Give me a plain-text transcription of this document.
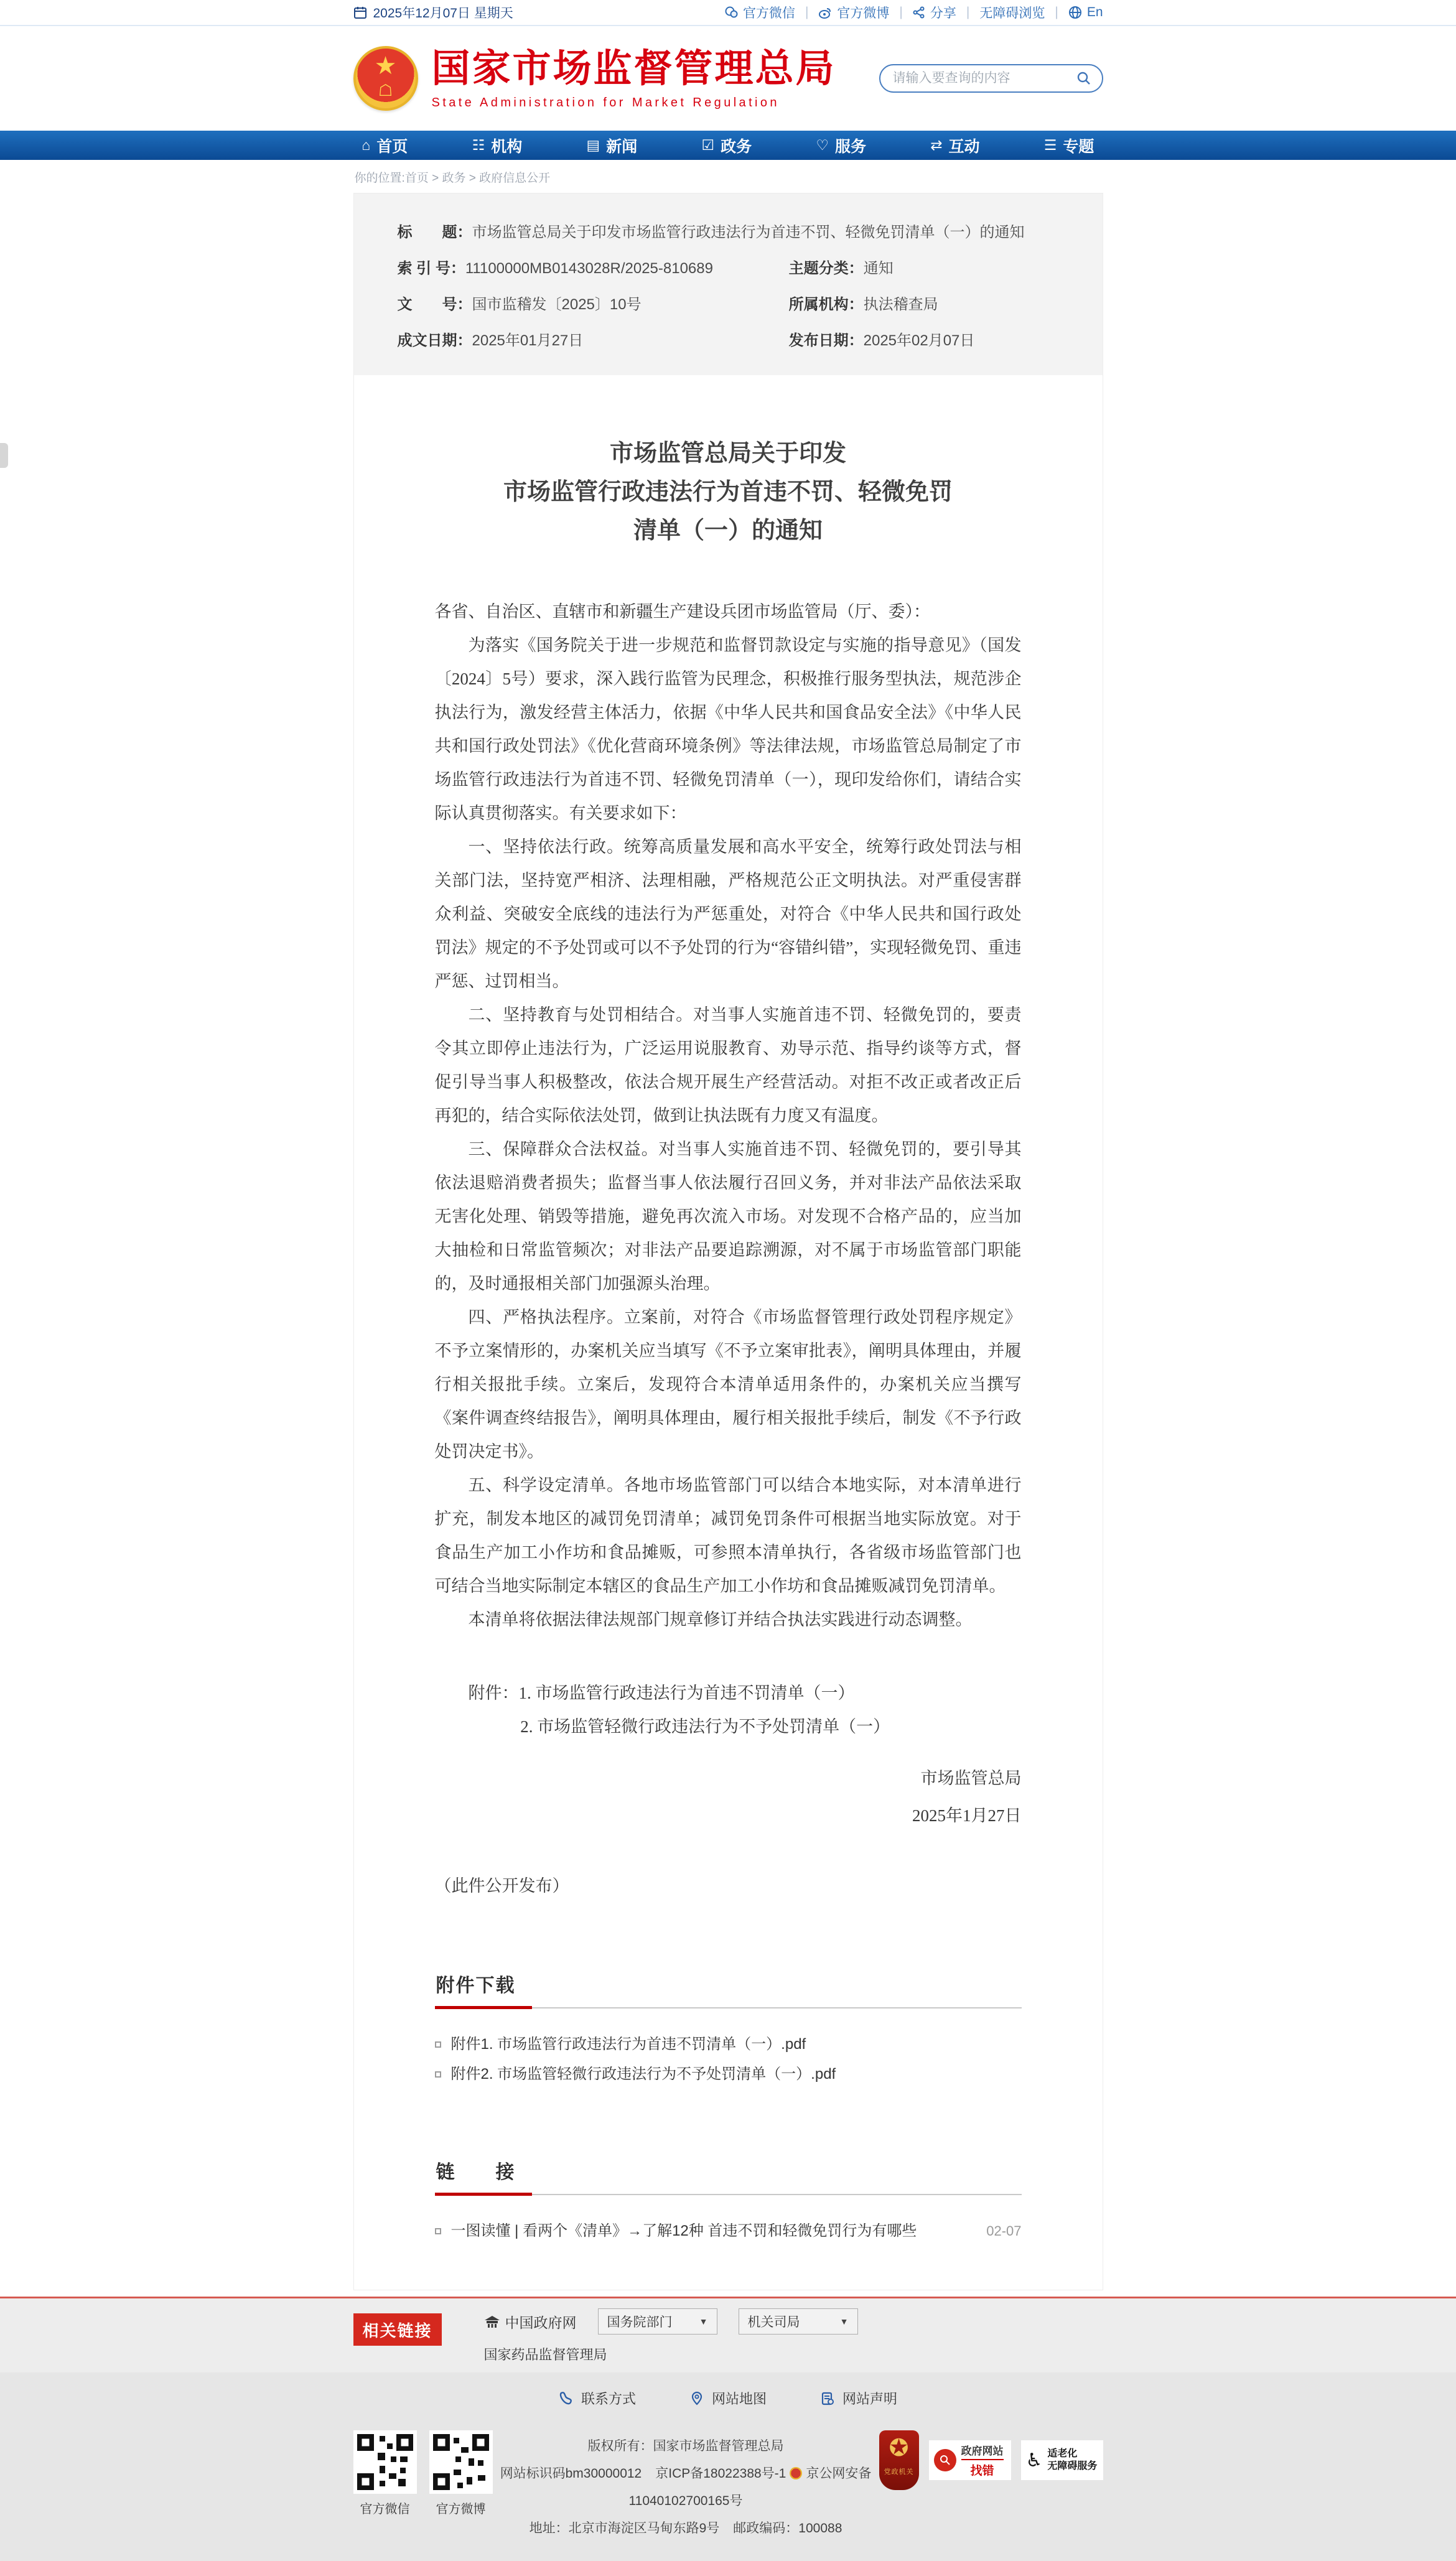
2025年12月07日 星期天	官方微信 | 官方微博 | 分享 | 无障碍浏览 | En
★
☖
国家市场监督管理总局
State Administration for Market Regulation
请输入要查询的内容
⌂ 首页	☷ 机构	▤ 新闻	☑ 政务	♡ 服务	⇄ 互动	☰ 专题
你的位置:首页 > 政务 > 政府信息公开
标　　题： 市场监管总局关于印发市场监管行政违法行为首违不罚、轻微免罚清单（一）的通知
索 引 号： 11100000MB0143028R/2025-810689	主题分类： 通知
文　　号： 国市监稽发〔2025〕10号	所属机构： 执法稽查局
成文日期： 2025年01月27日	发布日期： 2025年02月07日
市场监管总局关于印发
市场监管行政违法行为首违不罚、轻微免罚
清单（一）的通知

各省、自治区、直辖市和新疆生产建设兵团市场监管局（厅、委）：

为落实《国务院关于进一步规范和监督罚款设定与实施的指导意见》（国发〔2024〕5号）要求，深入践行监管为民理念，积极推行服务型执法，规范涉企执法行为，激发经营主体活力，依据《中华人民共和国食品安全法》《中华人民共和国行政处罚法》《优化营商环境条例》等法律法规，市场监管总局制定了市场监管行政违法行为首违不罚、轻微免罚清单（一），现印发给你们，请结合实际认真贯彻落实。有关要求如下：

一、坚持依法行政。统筹高质量发展和高水平安全，统筹行政处罚法与相关部门法，坚持宽严相济、法理相融，严格规范公正文明执法。对严重侵害群众利益、突破安全底线的违法行为严惩重处，对符合《中华人民共和国行政处罚法》规定的不予处罚或可以不予处罚的行为“容错纠错”，实现轻微免罚、重违严惩、过罚相当。

二、坚持教育与处罚相结合。对当事人实施首违不罚、轻微免罚的，要责令其立即停止违法行为，广泛运用说服教育、劝导示范、指导约谈等方式，督促引导当事人积极整改，依法合规开展生产经营活动。对拒不改正或者改正后再犯的，结合实际依法处罚，做到让执法既有力度又有温度。

三、保障群众合法权益。对当事人实施首违不罚、轻微免罚的，要引导其依法退赔消费者损失；监督当事人依法履行召回义务，并对非法产品依法采取无害化处理、销毁等措施，避免再次流入市场。对发现不合格产品的，应当加大抽检和日常监管频次；对非法产品要追踪溯源，对不属于市场监管部门职能的，及时通报相关部门加强源头治理。

四、严格执法程序。立案前，对符合《市场监督管理行政处罚程序规定》不予立案情形的，办案机关应当填写《不予立案审批表》，阐明具体理由，并履行相关报批手续。立案后，发现符合本清单适用条件的，办案机关应当撰写《案件调查终结报告》，阐明具体理由，履行相关报批手续后，制发《不予行政处罚决定书》。

五、科学设定清单。各地市场监管部门可以结合本地实际，对本清单进行扩充，制发本地区的减罚免罚清单；减罚免罚条件可根据当地实际放宽。对于食品生产加工小作坊和食品摊贩，可参照本清单执行，各省级市场监管部门也可结合当地实际制定本辖区的食品生产加工小作坊和食品摊贩减罚免罚清单。

本清单将依据法律法规部门规章修订并结合执法实践进行动态调整。

附件：1. 市场监管行政违法行为首违不罚清单（一）

2. 市场监管轻微行政违法行为不予处罚清单（一）

市场监管总局
2025年1月27日

（此件公开发布）

附件下载
附件1. 市场监管行政违法行为首违不罚清单（一）.pdf
附件2. 市场监管轻微行政违法行为不予处罚清单（一）.pdf
链　　接
一图读懂 | 看两个《清单》→了解12种 首违不罚和轻微免罚行为有哪些	02-07
相关链接	中国政府网 国务院部门	▼	机关司局	▼
国家药品监督管理局
联系方式	网站地图	网站声明
官方微信	官方微博
版权所有：国家市场监督管理总局
网站标识码bm30000012 京ICP备18022388号-1 京公网安备 11040102700165号
地址：北京市海淀区马甸东路9号 邮政编码：100088
✪
党政机关
政府网站
找错
♿ 适老化
无障碍服务
